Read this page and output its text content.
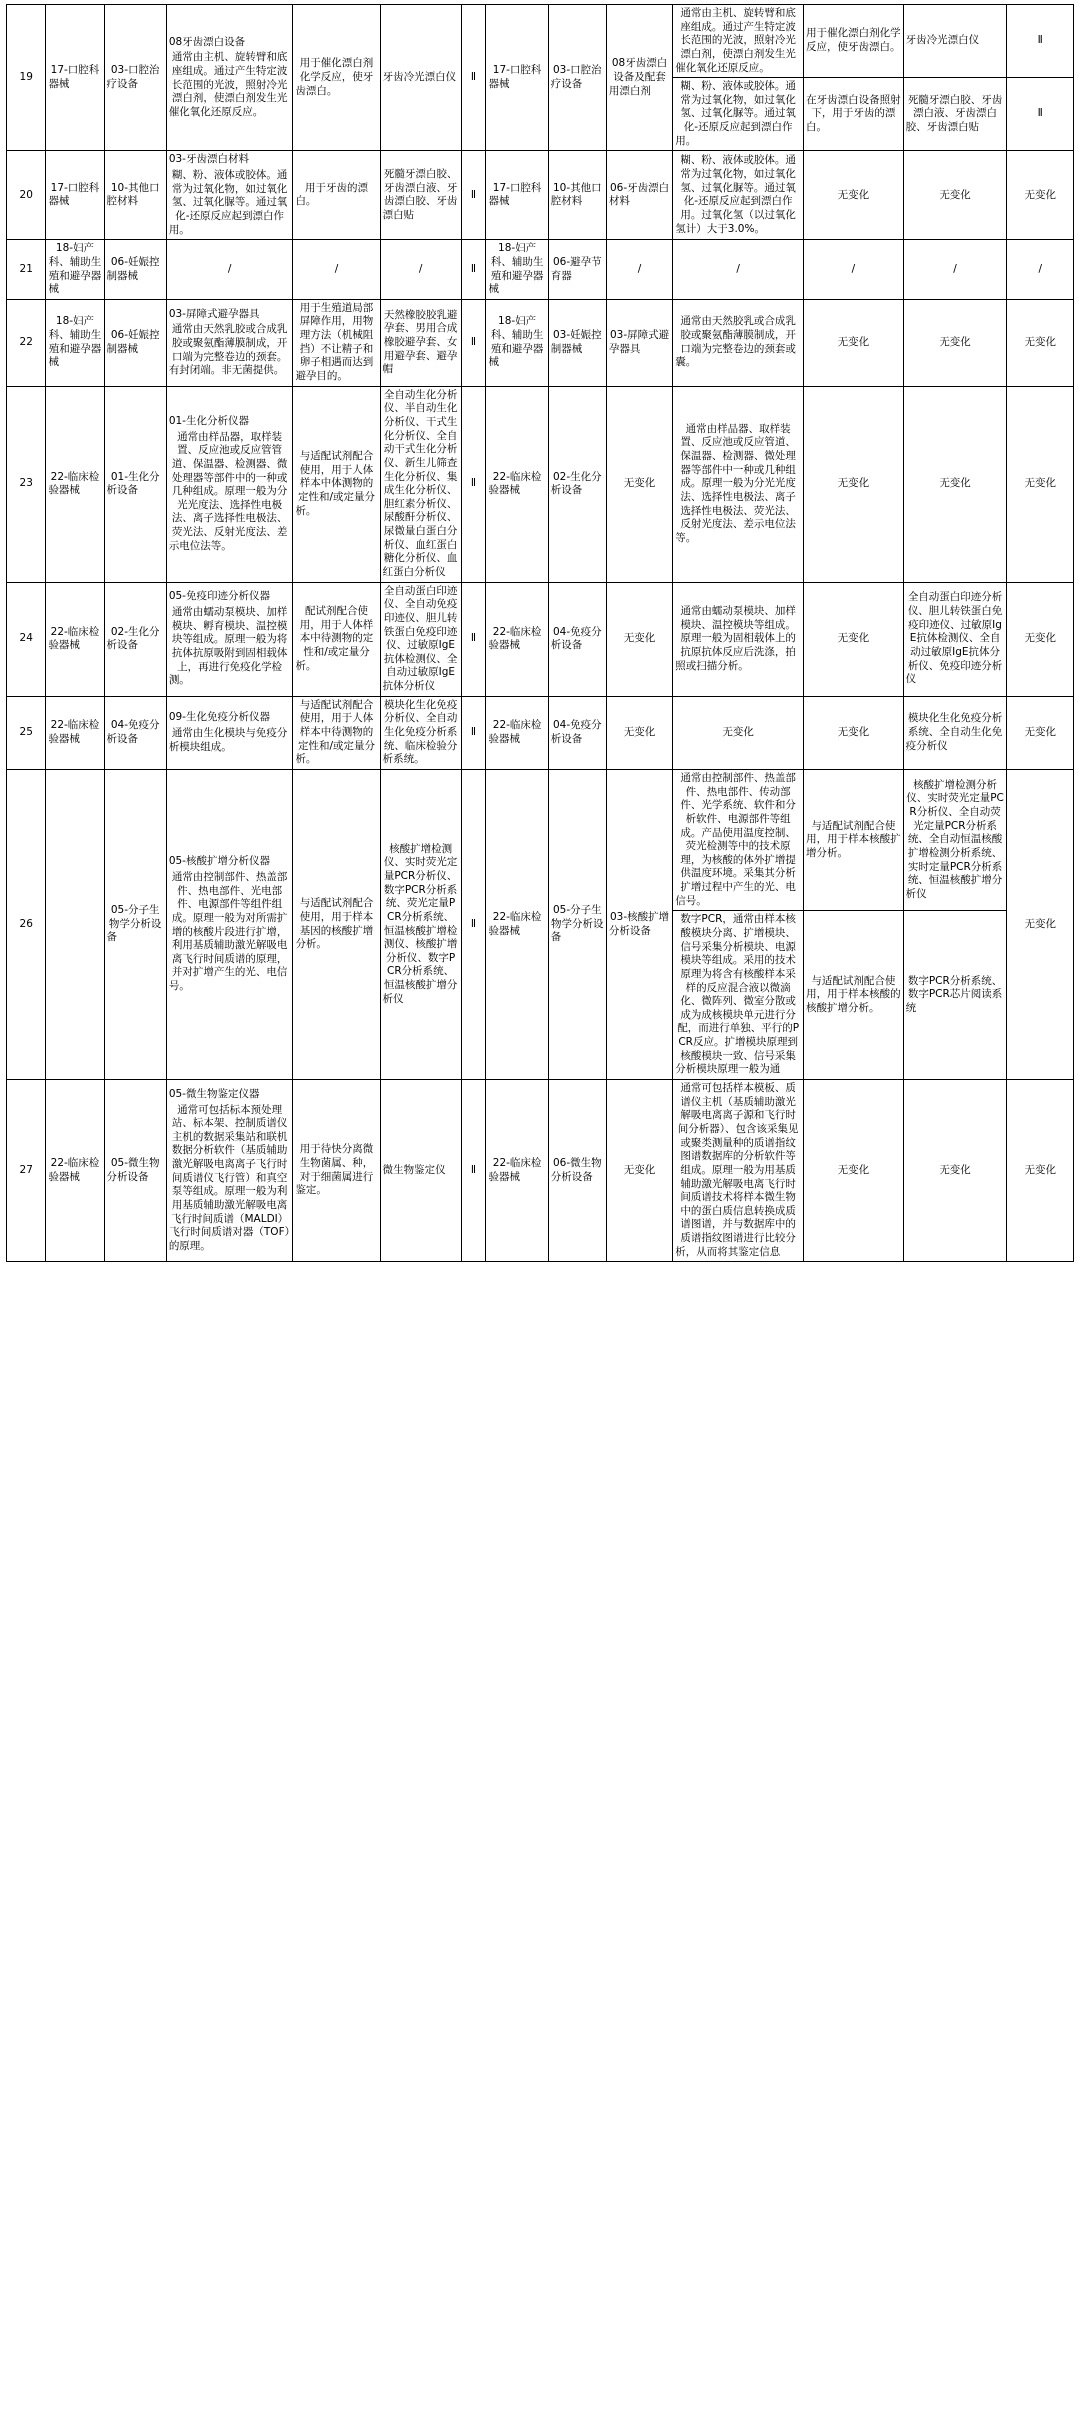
19	17-口腔科器械	03-口腔治疗设备	08牙齿漂白设备
通常由主机、旋转臂和底座组成。通过产生特定波长范围的光波，照射冷光漂白剂，使漂白剂发生光催化氧化还原反应。	用于催化漂白剂化学反应，使牙齿漂白。	牙齿冷光漂白仪	Ⅱ	17-口腔科器械	03-口腔治疗设备	08牙齿漂白设备及配套用漂白剂	通常由主机、旋转臂和底座组成。通过产生特定波长范围的光波，照射冷光漂白剂，使漂白剂发生光催化氧化还原反应。	用于催化漂白剂化学反应，使牙齿漂白。	牙齿冷光漂白仪	Ⅱ
										糊、粉、液体或胶体。通常为过氧化物，如过氧化氢、过氧化脲等。通过氧化-还原反应起到漂白作用。	在牙齿漂白设备照射下，用于牙齿的漂白。	死髓牙漂白胶、牙齿漂白液、牙齿漂白胶、牙齿漂白贴	Ⅱ
20	17-口腔科器械	10-其他口腔材料	03-牙齿漂白材料
糊、粉、液体或胶体。通常为过氧化物，如过氧化氢、过氧化脲等。通过氧化-还原反应起到漂白作用。	用于牙齿的漂白。	死髓牙漂白胶、牙齿漂白液、牙齿漂白胶、牙齿漂白贴	Ⅱ	17-口腔科器械	10-其他口腔材料	06-牙齿漂白材料	糊、粉、液体或胶体。通常为过氧化物，如过氧化氢、过氧化脲等。通过氧化-还原反应起到漂白作用。过氧化氢（以过氧化氢计）大于3.0%。	无变化	无变化	无变化
21	18-妇产科、辅助生殖和避孕器械	06-妊娠控制器械	/	/	/	Ⅱ	18-妇产科、辅助生殖和避孕器械	06-避孕节育器	/	/	/	/	/
22	18-妇产科、辅助生殖和避孕器械	06-妊娠控制器械	03-屏障式避孕器具
通常由天然乳胶或合成乳胶或聚氨酯薄膜制成，开口端为完整卷边的颈套。有封闭端。非无菌提供。	用于生殖道局部屏障作用，用物理方法（机械阻挡）不让精子和卵子相遇而达到避孕目的。	天然橡胶胶乳避孕套、男用合成橡胶避孕套、女用避孕套、避孕帽	Ⅱ	18-妇产科、辅助生殖和避孕器械	03-妊娠控制器械	03-屏障式避孕器具	通常由天然胶乳或合成乳胶或聚氨酯薄膜制成，开口端为完整卷边的颈套或囊。	无变化	无变化	无变化
23	22-临床检验器械	01-生化分析设备	01-生化分析仪器
通常由样品器，取样装置、反应池或反应管管道、保温器、检测器、微处理器等部件中的一种或几种组成。原理一般为分光光度法、选择性电极法、离子选择性电极法、荧光法、反射光度法、差示电位法等。	与适配试剂配合使用，用于人体样本中体测物的定性和/或定量分析。	全自动生化分析仪、半自动生化分析仪、干式生化分析仪、全自动干式生化分析仪、新生儿筛查生化分析仪、集成生化分析仪、胆红素分析仪、尿酸酐分析仪、尿微量白蛋白分析仪、血红蛋白糖化分析仪、血红蛋白分析仪	Ⅱ	22-临床检验器械	02-生化分析设备	无变化	通常由样品器、取样装置、反应池或反应管道、保温器、检测器、微处理器等部件中一种或几种组成。原理一般为分光光度法、选择性电极法、离子选择性电极法、荧光法、反射光度法、差示电位法等。	无变化	无变化	无变化
24	22-临床检验器械	02-生化分析设备	05-免疫印迹分析仪器
通常由蠕动泵模块、加样模块、孵育模块、温控模块等组成。原理一般为将抗体抗原吸附到固相载体上，再进行免疫化学检测。	配试剂配合使用，用于人体样本中待测物的定性和/或定量分析。	全自动蛋白印迹仪、全自动免疫印迹仪、胆儿转铁蛋白免疫印迹仪、过敏原IgE抗体检测仪、全自动过敏原IgE抗体分析仪	Ⅱ	22-临床检验器械	04-免疫分析设备	无变化	通常由蠕动泵模块、加样模块、温控模块等组成。原理一般为固相载体上的抗原抗体反应后洗涤，拍照或扫描分析。	无变化	全自动蛋白印迹分析仪、胆儿转铁蛋白免疫印迹仪、过敏原IgE抗体检测仪、全自动过敏原IgE抗体分析仪、免疫印迹分析仪	无变化
25	22-临床检验器械	04-免疫分析设备	09-生化免疫分析仪器
通常由生化模块与免疫分析模块组成。	与适配试剂配合使用，用于人体样本中待测物的定性和/或定量分析。	模块化生化免疫分析仪、全自动生化免疫分析系统、临床检验分析系统。	Ⅱ	22-临床检验器械	04-免疫分析设备	无变化	无变化	无变化	模块化生化免疫分析系统、全自动生化免疫分析仪	无变化
26		05-分子生物学分析设备	05-核酸扩增分析仪器
通常由控制部件、热盖部件、热电部件、光电部件、电源部件等组件组成。原理一般为对所需扩增的核酸片段进行扩增，利用基质辅助激光解吸电离飞行时间质谱的原理，并对扩增产生的光、电信号。	与适配试剂配合使用，用于样本基因的核酸扩增分析。	核酸扩增检测仪、实时荧光定量PCR分析仪、数字PCR分析系统、荧光定量PCR分析系统、恒温核酸扩增检测仪、核酸扩增分析仪、数字PCR分析系统、恒温核酸扩增分析仪	Ⅱ	22-临床检验器械	05-分子生物学分析设备	03-核酸扩增分析设备	通常由控制部件、热盖部件、热电部件、传动部件、光学系统、软件和分析软件、电源部件等组成。产品使用温度控制、荧光检测等中的技术原理，为核酸的体外扩增提供温度环境。采集其分析扩增过程中产生的光、电信号。	与适配试剂配合使用，用于样本核酸扩增分析。	核酸扩增检测分析仪、实时荧光定量PCR分析仪、全自动荧光定量PCR分析系统、全自动恒温核酸扩增检测分析系统、实时定量PCR分析系统、恒温核酸扩增分析仪	无变化
										数字PCR，通常由样本核酸模块分离、扩增模块、信号采集分析模块、电源模块等组成。采用的技术原理为将含有核酸样本采样的反应混合液以微滴化、微阵列、微室分散或成为成核模块单元进行分配，而进行单独、平行的PCR反应。扩增模块原理到核酸模块一致、信号采集分析模块原理一般为通	与适配试剂配合使用，用于样本核酸的核酸扩增分析。	数字PCR分析系统、数字PCR芯片阅读系统	
27	22-临床检验器械	05-微生物分析设备	05-微生物鉴定仪器
通常可包括标本预处理站、标本架、控制质谱仪主机的数据采集站和联机数据分析软件（基质辅助激光解吸电离离子飞行时间质谱仪飞行管）和真空泵等组成。原理一般为利用基质辅助激光解吸电离飞行时间质谱（MALDI）飞行时间质谱对器（TOF）的原理。	用于待快分离微生物菌属、种，对于细菌属进行鉴定。	微生物鉴定仪	Ⅱ	22-临床检验器械	06-微生物分析设备	无变化	通常可包括样本模板、质谱仪主机（基质辅助激光解吸电离离子源和飞行时间分析器）、包含该采集见或聚类测量种的质谱指纹图谱数据库的分析软件等组成。原理一般为用基质辅助激光解吸电离飞行时间质谱技术将样本微生物中的蛋白质信息转换成质谱图谱，并与数据库中的质谱指纹图谱进行比较分析，从而将其鉴定信息	无变化	无变化	无变化
